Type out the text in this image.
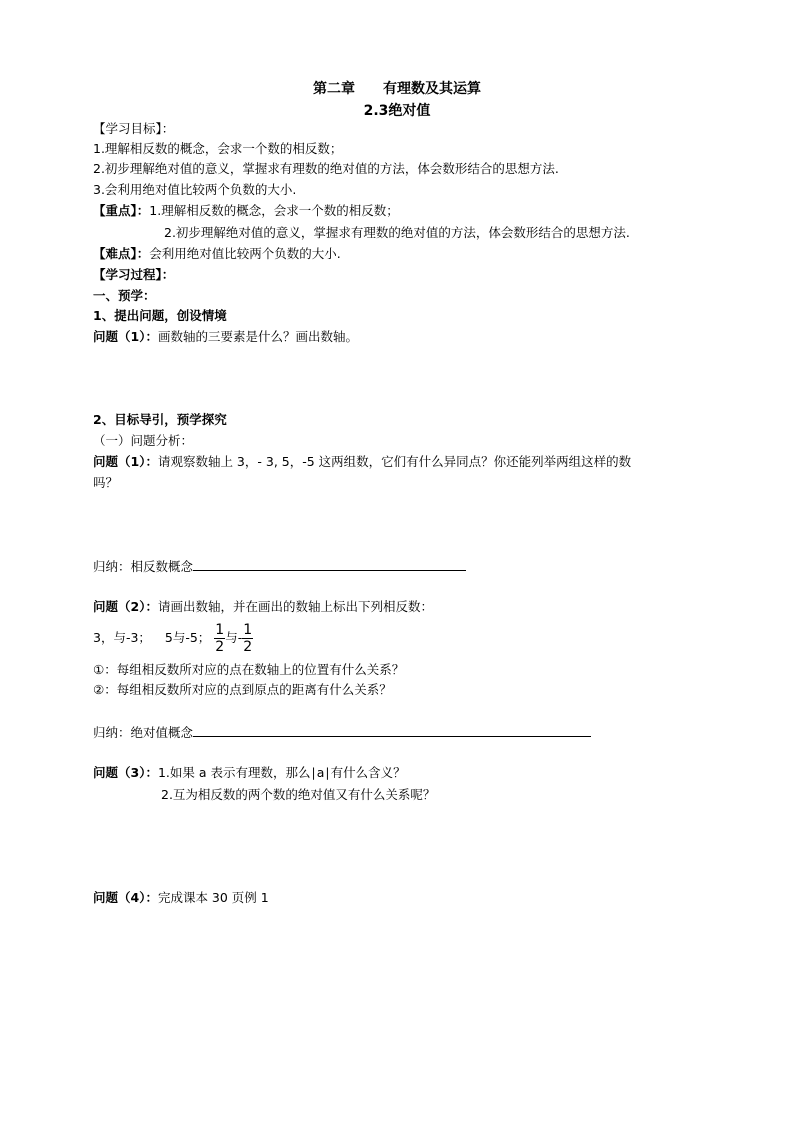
第二章 有理数及其运算
2.3绝对值
【学习目标】：
1.理解相反数的概念，会求一个数的相反数；
2.初步理解绝对值的意义，掌握求有理数的绝对值的方法，体会数形结合的思想方法.
3.会利用绝对值比较两个负数的大小.
【重点】：1.理解相反数的概念，会求一个数的相反数；
2.初步理解绝对值的意义，掌握求有理数的绝对值的方法，体会数形结合的思想方法.
【难点】：会利用绝对值比较两个负数的大小.
【学习过程】：
一、预学：
1、提出问题，创设情境
问题（1）：画数轴的三要素是什么？画出数轴。
2、目标导引，预学探究
（一）问题分析：
问题（1）：请观察数轴上 3，- 3, 5，-5 这两组数，它们有什么异同点？你还能列举两组这样的数
吗？
归纳：相反数概念
问题（2）：请画出数轴，并在画出的数轴上标出下列相反数：
3，与-3； 5与-5； $\frac{1}{2}$ 与- $\frac{1}{2}$
①：每组相反数所对应的点在数轴上的位置有什么关系？
②：每组相反数所对应的点到原点的距离有什么关系？
归纳：绝对值概念
问题（3）：1.如果 a 表示有理数，那么∣a∣有什么含义？
2.互为相反数的两个数的绝对值又有什么关系呢？
问题（4）：完成课本 30 页例 1
